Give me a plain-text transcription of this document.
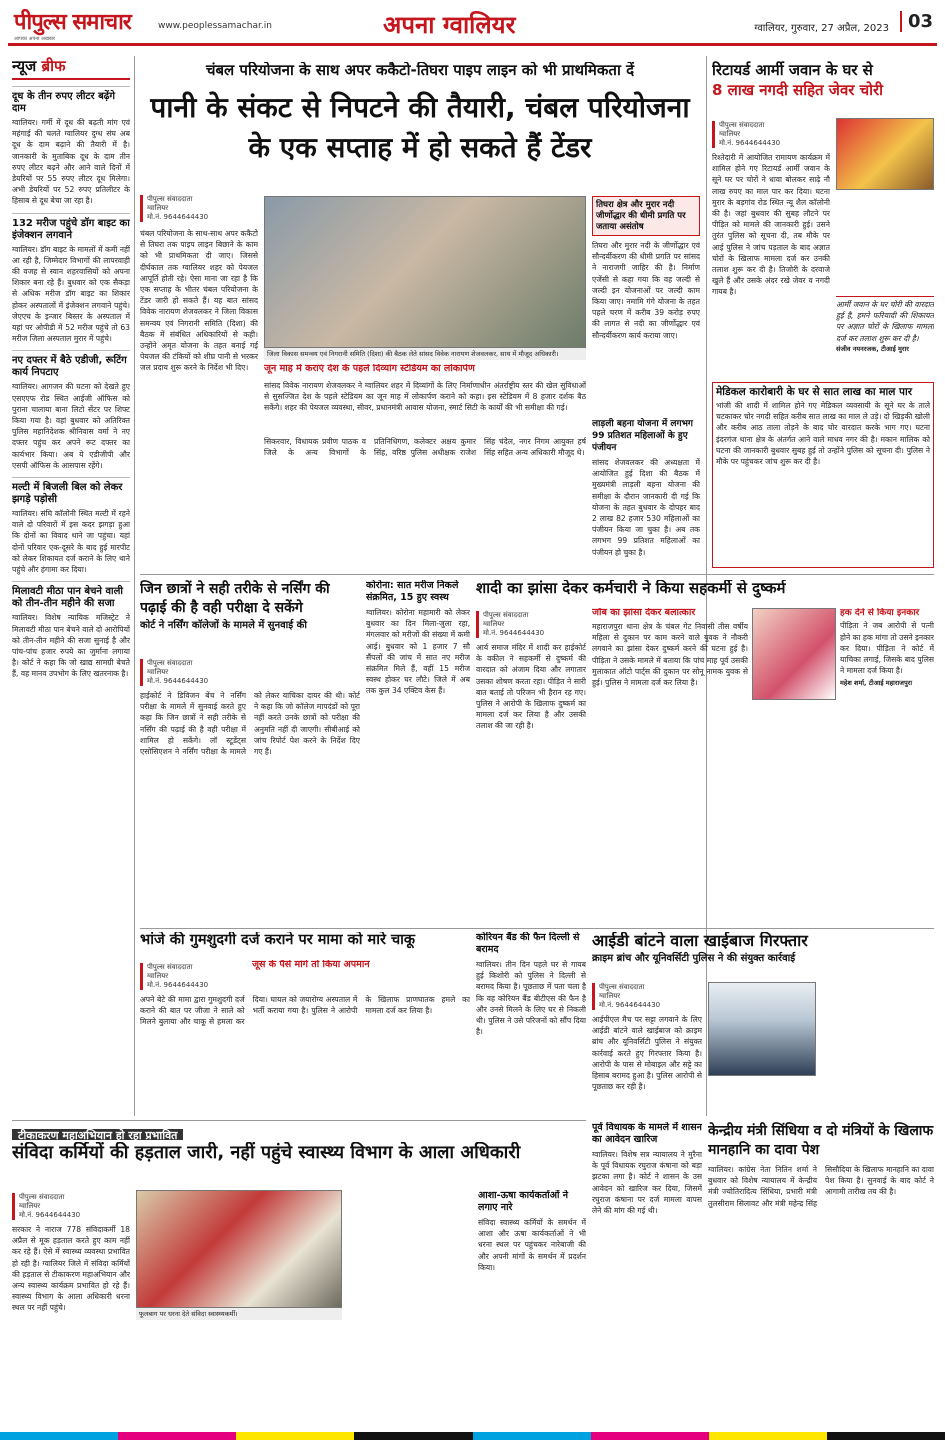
पीपुल्स समाचार
आपका अपना अखबार
www.peoplessamachar.in	अपना ग्वालियर	ग्वालियर, गुरुवार, 27 अप्रैल, 2023	03
न्यूज ब्रीफ
दूध के तीन रुपए लीटर बढ़ेंगे दाम
ग्वालियर। गर्मी में दूध की बढ़ती मांग एवं महंगाई की चलते ग्वालियर दुग्ध संघ अब दूध के दाम बढ़ाने की तैयारी में है। जानकारी के मुताबिक दूध के दाम तीन रुपए लीटर बढ़ने और आने वाले दिनों में डेयरियों पर 55 रुपए लीटर दूध मिलेगा। अभी डेयरियों पर 52 रुपए प्रतिलीटर के हिसाब से दूध बेचा जा रहा है।
132 मरीज पहुंचे डॉग बाइट का इंजेक्शन लगवाने
ग्वालियर। डॉग बाइट के मामलों में कमी नहीं आ रही है, जिम्मेदार विभागों की लापरवाही की वजह से स्वान शहरवासियों को अपना शिकार बना रहे हैं। बुधवार को एक सैकड़ा से अधिक मरीज डॉग बाइट का शिकार होकर अस्पतालों में इंजेक्शन लगवाने पहुंचे। जेएएच के इन्जार बिस्तर के अस्पताल में यहां पर ओपीडी में 52 मरीज पहुंचे तो 63 मरीज जिला अस्पताल मुरार में पहुंचे।
नए दफ्तर में बैठे एडीजी, रूटिंग कार्य निपटाए
ग्वालियर। आगजन की घटना को देखते हुए एसएएफ रोड स्थित आईजी ऑफिस को पुराना चालाया बाना लिटो सेंटर पर शिफ्ट किया गया है। वहां बुधवार को अतिरिक्त पुलिस महानिदेशक श्रीनिवास वर्मा ने नए दफ्तर पहुंच कर अपने रूट दफ्तर का कार्यभार किया। अब ये एडीजीपी और एसपी ऑफिस के आसपास रहेंगे।
मल्टी में बिजली बिल को लेकर झगड़े पड़ोसी
ग्वालियर। संघि कॉलोनी स्थित मल्टी में रहने वाले दो परिवारों में इस कदर झगड़ा हुआ कि दोनों का विवाद थाने जा पहुंचा। यहां दोनों परिवार एक-दूसरे के बाद हुई मारपीट को लेकर शिकायत दर्ज कराने के लिए थाने पहुंचे और हंगामा कर दिया।
मिलावटी मीठा पान बेचने वाली को तीन-तीन महीने की सजा
ग्वालियर। विशेष न्यायिक मजिस्ट्रेट ने मिलावटी मीठा पान बेचने वाले दो आरोपियों को तीन-तीन महीने की सजा सुनाई है और पांच-पांच हजार रुपये का जुर्माना लगाया है। कोर्ट ने कहा कि जो खाद्य सामग्री बेचते हैं, वह मानव उपभोग के लिए खतरनाक है।
चंबल परियोजना के साथ अपर ककैटो-तिघरा पाइप लाइन को भी प्राथमिकता दें
पानी के संकट से निपटने की तैयारी, चंबल परियोजना के एक सप्ताह में हो सकते हैं टेंडर
पीपुल्स संवाददाता
ग्वालियर
मो.नं. 9644644430
चंबल परियोजना के साथ-साथ अपर ककैटो से तिघरा तक पाइप लाइन बिछाने के काम को भी प्राथमिकता दी जाए। जिससे दीर्घकाल तक ग्वालियर शहर को पेयजल आपूर्ति होती रहे। ऐसा माना जा रहा है कि एक सप्ताह के भीतर चंबल परियोजना के टेंडर जारी हो सकते हैं। यह बात सांसद विवेक नारायण शेजवलकर ने जिला विकास समन्वय एवं निगरानी समिति (दिशा) की बैठक में संबंधित अधिकारियों से कही। उन्होंने अमृत योजना के तहत बनाई गई पेयजल की टंकियों को शीघ्र पानी से भरकर जल प्रदाय शुरू करने के निर्देश भी दिए।
जिला विकास समन्वय एवं निगरानी समिति (दिशा) की बैठक लेते सांसद विवेक नारायण शेजवलकर, साथ में मौजूद अधिकारी।
तिघरा क्षेत्र और मुरार नदी जीर्णोद्धार की धीमी प्रगति पर जताया असंतोष
तिघरा और मुरार नदी के जीर्णोद्धार एवं सौन्दर्यीकरण की धीमी प्रगति पर सांसद ने नाराजगी जाहिर की है। निर्माण एजेंसी से कहा गया कि वह जल्दी से जल्दी इन योजनाओं पर जल्दी काम किया जाए। नमामि गंगे योजना के तहत पहले चरण में करीब 39 करोड़ रुपए की लागत से नदी का जीर्णोद्धार एवं सौन्दर्यीकरण कार्य कराया जाए।
जून माह में कराएं देश के पहले दिव्यांग स्टेडियम का लोकार्पण
सांसद विवेक नारायण शेजवलकर ने ग्वालियर शहर में दिव्यांगों के लिए निर्माणाधीन अंतर्राष्ट्रीय स्तर की खेल सुविधाओं से सुसज्जित देश के पहले स्टेडियम का जून माह में लोकार्पण कराने को कहा। इस स्टेडियम में 8 हजार दर्शक बैठ सकेंगे। शहर की पेयजल व्यवस्था, सीवर, प्रधानमंत्री आवास योजना, स्मार्ट सिटी के कार्यों की भी समीक्षा की गई।
सिकरवार, विधायक प्रवीण पाठक व जिले के अन्य विभागों के प्रतिनिधिगण, कलेक्टर अक्षय कुमार सिंह, वरिष्ठ पुलिस अधीक्षक राजेश सिंह चंदेल, नगर निगम आयुक्त हर्ष सिंह सहित अन्य अधिकारी मौजूद थे।
लाड़ली बहना योजना में लगभग 99 प्रतिशत महिलाओं के हुए पंजीयन
सांसद शेजवलकर की अध्यक्षता में आयोजित हुई दिशा की बैठक में मुख्यमंत्री लाड़ली बहना योजना की समीक्षा के दौरान जानकारी दी गई कि योजना के तहत बुधवार के दोपहर बाद 2 लाख 82 हजार 530 महिलाओं का पंजीयन किया जा चुका है। अब तक लगभग 99 प्रतिशत महिलाओं का पंजीयन हो चुका है।
रिटायर्ड आर्मी जवान के घर से
8 लाख नगदी सहित जेवर चोरी
पीपुल्स संवाददाता
ग्वालियर
मो.नं. 9644644430
रिश्तेदारी में आयोजित रामायण कार्यक्रम में शामिल होने गए रिटायर्ड आर्मी जवान के सूने घर पर चोरों ने धावा बोलकर साढ़े नौ लाख रुपए का माल पार कर दिया। घटना मुरार के बड़गांव रोड स्थित न्यू शैल कॉलोनी की है। जहां बुधवार की सुबह लौटने पर पीड़ित को मामले की जानकारी हुई। उसने तुरंत पुलिस को सूचना दी, तब मौके पर आई पुलिस ने जांच पड़ताल के बाद अज्ञात चोरों के खिलाफ मामला दर्ज कर उनकी तलाश शुरू कर दी है। तिजोरी के दरवाजे खुले हैं और उसके अंदर रखे जेवर व नगदी गायब है।
आर्मी जवान के घर चोरी की वारदात हुई है, हमने फरियादी की शिकायत पर अज्ञात चोरों के खिलाफ मामला दर्ज कर तलाश शुरू कर दी है।
संजीव नयनरजक, टीआई मुरार
मेडिकल कारोबारी के घर से सात लाख का माल पार
भांजी की शादी में शामिल होने गए मेडिकल व्यवसायी के सूने घर के ताले चटकाकर चोर नगदी सहित करीब सात लाख का माल ले उड़े। दो खिड़की खोली और करीब आठ ताला तोड़ने के बाद चोर वारदात करके भाग गए। घटना इंदरगंज थाना क्षेत्र के अंतर्गत आने वाले माधव नगर की है। मकान मालिक को घटना की जानकारी बुधवार सुबह हुई तो उन्होंने पुलिस को सूचना दी। पुलिस ने मौके पर पहुंचकर जांच शुरू कर दी है।
जिन छात्रों ने सही तरीके से नर्सिंग की पढ़ाई की है वही परीक्षा दे सकेंगे
कोर्ट ने नर्सिंग कॉलेजों के मामले में सुनवाई की
पीपुल्स संवाददाता
ग्वालियर
मो.नं. 9644644430
हाईकोर्ट ने डिविजन बेंच ने नर्सिंग परीक्षा के मामले में सुनवाई करते हुए कहा कि जिन छात्रों ने सही तरीके से नर्सिंग की पढ़ाई की है वही परीक्षा में शामिल हो सकेंगे। लॉ स्टूडेंट्स एसोसिएशन ने नर्सिंग परीक्षा के मामले को लेकर याचिका दायर की थी। कोर्ट ने कहा कि जो कॉलेज मापदंडों को पूरा नहीं करते उनके छात्रों को परीक्षा की अनुमति नहीं दी जाएगी। सीबीआई को जांच रिपोर्ट पेश करने के निर्देश दिए गए हैं।
कोरोना: सात मरीज निकले संक्रमित, 15 हुए स्वस्थ
ग्वालियर। कोरोना महामारी को लेकर बुधवार का दिन मिला-जुला रहा, मंगलवार को मरीजों की संख्या में कमी आई। बुधवार को 1 हजार 7 सौ सैंपलों की जांच में सात नए मरीज संक्रमित मिले हैं, वहीं 15 मरीज स्वस्थ होकर घर लौटे। जिले में अब तक कुल 34 एक्टिव केस हैं।
शादी का झांसा देकर कर्मचारी ने किया सहकर्मी से दुष्कर्म
पीपुल्स संवाददाता
ग्वालियर
मो.नं. 9644644430
आर्य समाज मंदिर में शादी कर हाईकोर्ट के वकील ने सहकर्मी से दुष्कर्म की वारदात को अंजाम दिया और लगातार उसका शोषण करता रहा। पीड़ित ने सारी बात बताई तो परिजन भी हैरान रह गए। पुलिस ने आरोपी के खिलाफ दुष्कर्म का मामला दर्ज कर लिया है और उसकी तलाश की जा रही है।
जॉब का झांसा देकर बलात्कार
महाराजपुरा थाना क्षेत्र के चंबल गेट निवासी तीस वर्षीय महिला से दुकान पर काम करने वाले युवक ने नौकरी लगवाने का झांसा देकर दुष्कर्म करने की घटना हुई है। पीड़िता ने उसके मामले में बताया कि पांच माह पूर्व उसकी मुलाकात ऑटो पार्ट्स की दुकान पर सोनू नामक युवक से हुई। पुलिस ने मामला दर्ज कर लिया है।
हक देने से किया इनकार
पीड़िता ने जब आरोपी से पत्नी होने का हक मांगा तो उसने इनकार कर दिया। पीड़िता ने कोर्ट में याचिका लगाई, जिसके बाद पुलिस ने मामला दर्ज किया है।
महेश शर्मा, टीआई महाराजपुरा
भांजे की गुमशुदगी दर्ज कराने पर मामा को मारे चाकू
पीपुल्स संवाददाता
ग्वालियर
मो.नं. 9644644430
जूस के पैसे मांगे तो किया अपमान
अपने बेटे की मामा द्वारा गुमशुदगी दर्ज कराने की बात पर जीजा ने साले को मिलने बुलाया और चाकू से हमला कर दिया। घायल को जयारोग्य अस्पताल में भर्ती कराया गया है। पुलिस ने आरोपी के खिलाफ प्राणघातक हमले का मामला दर्ज कर लिया है।
कोरियन बैंड की फैन दिल्ली से बरामद
ग्वालियर। तीन दिन पहले घर से गायब हुई किशोरी को पुलिस ने दिल्ली से बरामद किया है। पूछताछ में पता चला है कि वह कोरियन बैंड बीटीएस की फैन है और उनसे मिलने के लिए घर से निकली थी। पुलिस ने उसे परिजनों को सौंप दिया है।
आईडी बांटने वाला खाईबाज गिरफ्तार
क्राइम ब्रांच और यूनिवर्सिटी पुलिस ने की संयुक्त कार्रवाई
पीपुल्स संवाददाता
ग्वालियर
मो.नं. 9644644430
आईपीएल मैच पर सट्टा लगवाने के लिए आईडी बांटने वाले खाईबाज को क्राइम ब्रांच और यूनिवर्सिटी पुलिस ने संयुक्त कार्रवाई करते हुए गिरफ्तार किया है। आरोपी के पास से मोबाइल और सट्टे का हिसाब बरामद हुआ है। पुलिस आरोपी से पूछताछ कर रही है।
पूर्व विधायक के मामले में शासन का आवेदन खारिज
ग्वालियर। विशेष सत्र न्यायालय ने मुरैना के पूर्व विधायक रघुराज कंषाना को बड़ा झटका लगा है। कोर्ट ने शासन के उस आवेदन को खारिज कर दिया, जिसमें रघुराज कंषाना पर दर्ज मामला वापस लेने की मांग की गई थी।
टीकाकरण महाअभियान हो रहा प्रभावित
संविदा कर्मियों की हड़ताल जारी, नहीं पहुंचे स्वास्थ्य विभाग के आला अधिकारी
पीपुल्स संवाददाता
ग्वालियर
मो.नं. 9644644430
सरकार ने नाराज 778 संविदाकर्मी 18 अप्रैल से मूक हड़ताल करते हुए काम नहीं कर रहे हैं। ऐसे में स्वास्थ्य व्यवस्था प्रभावित हो रही है। ग्वालियर जिले में संविदा कर्मियों की हड़ताल से टीकाकरण महाअभियान और अन्य स्वास्थ्य कार्यक्रम प्रभावित हो रहे हैं। स्वास्थ्य विभाग के आला अधिकारी धरना स्थल पर नहीं पहुंचे।
फूलबाग पर धरना देते संविदा स्वास्थ्यकर्मी।
आशा-ऊषा कार्यकर्ताओं ने लगाए नारे
संविदा स्वास्थ्य कर्मियों के समर्थन में आशा और ऊषा कार्यकर्ताओं ने भी धरना स्थल पर पहुंचकर नारेबाजी की और अपनी मांगों के समर्थन में प्रदर्शन किया।
केन्द्रीय मंत्री सिंधिया व दो मंत्रियों के खिलाफ मानहानि का दावा पेश
ग्वालियर। कांग्रेस नेता नितिन शर्मा ने बुधवार को विशेष न्यायालय में केन्द्रीय मंत्री ज्योतिरादित्य सिंधिया, प्रभारी मंत्री तुलसीराम सिलावट और मंत्री महेन्द्र सिंह सिसौदिया के खिलाफ मानहानि का दावा पेश किया है। सुनवाई के बाद कोर्ट ने आगामी तारीख तय की है।
